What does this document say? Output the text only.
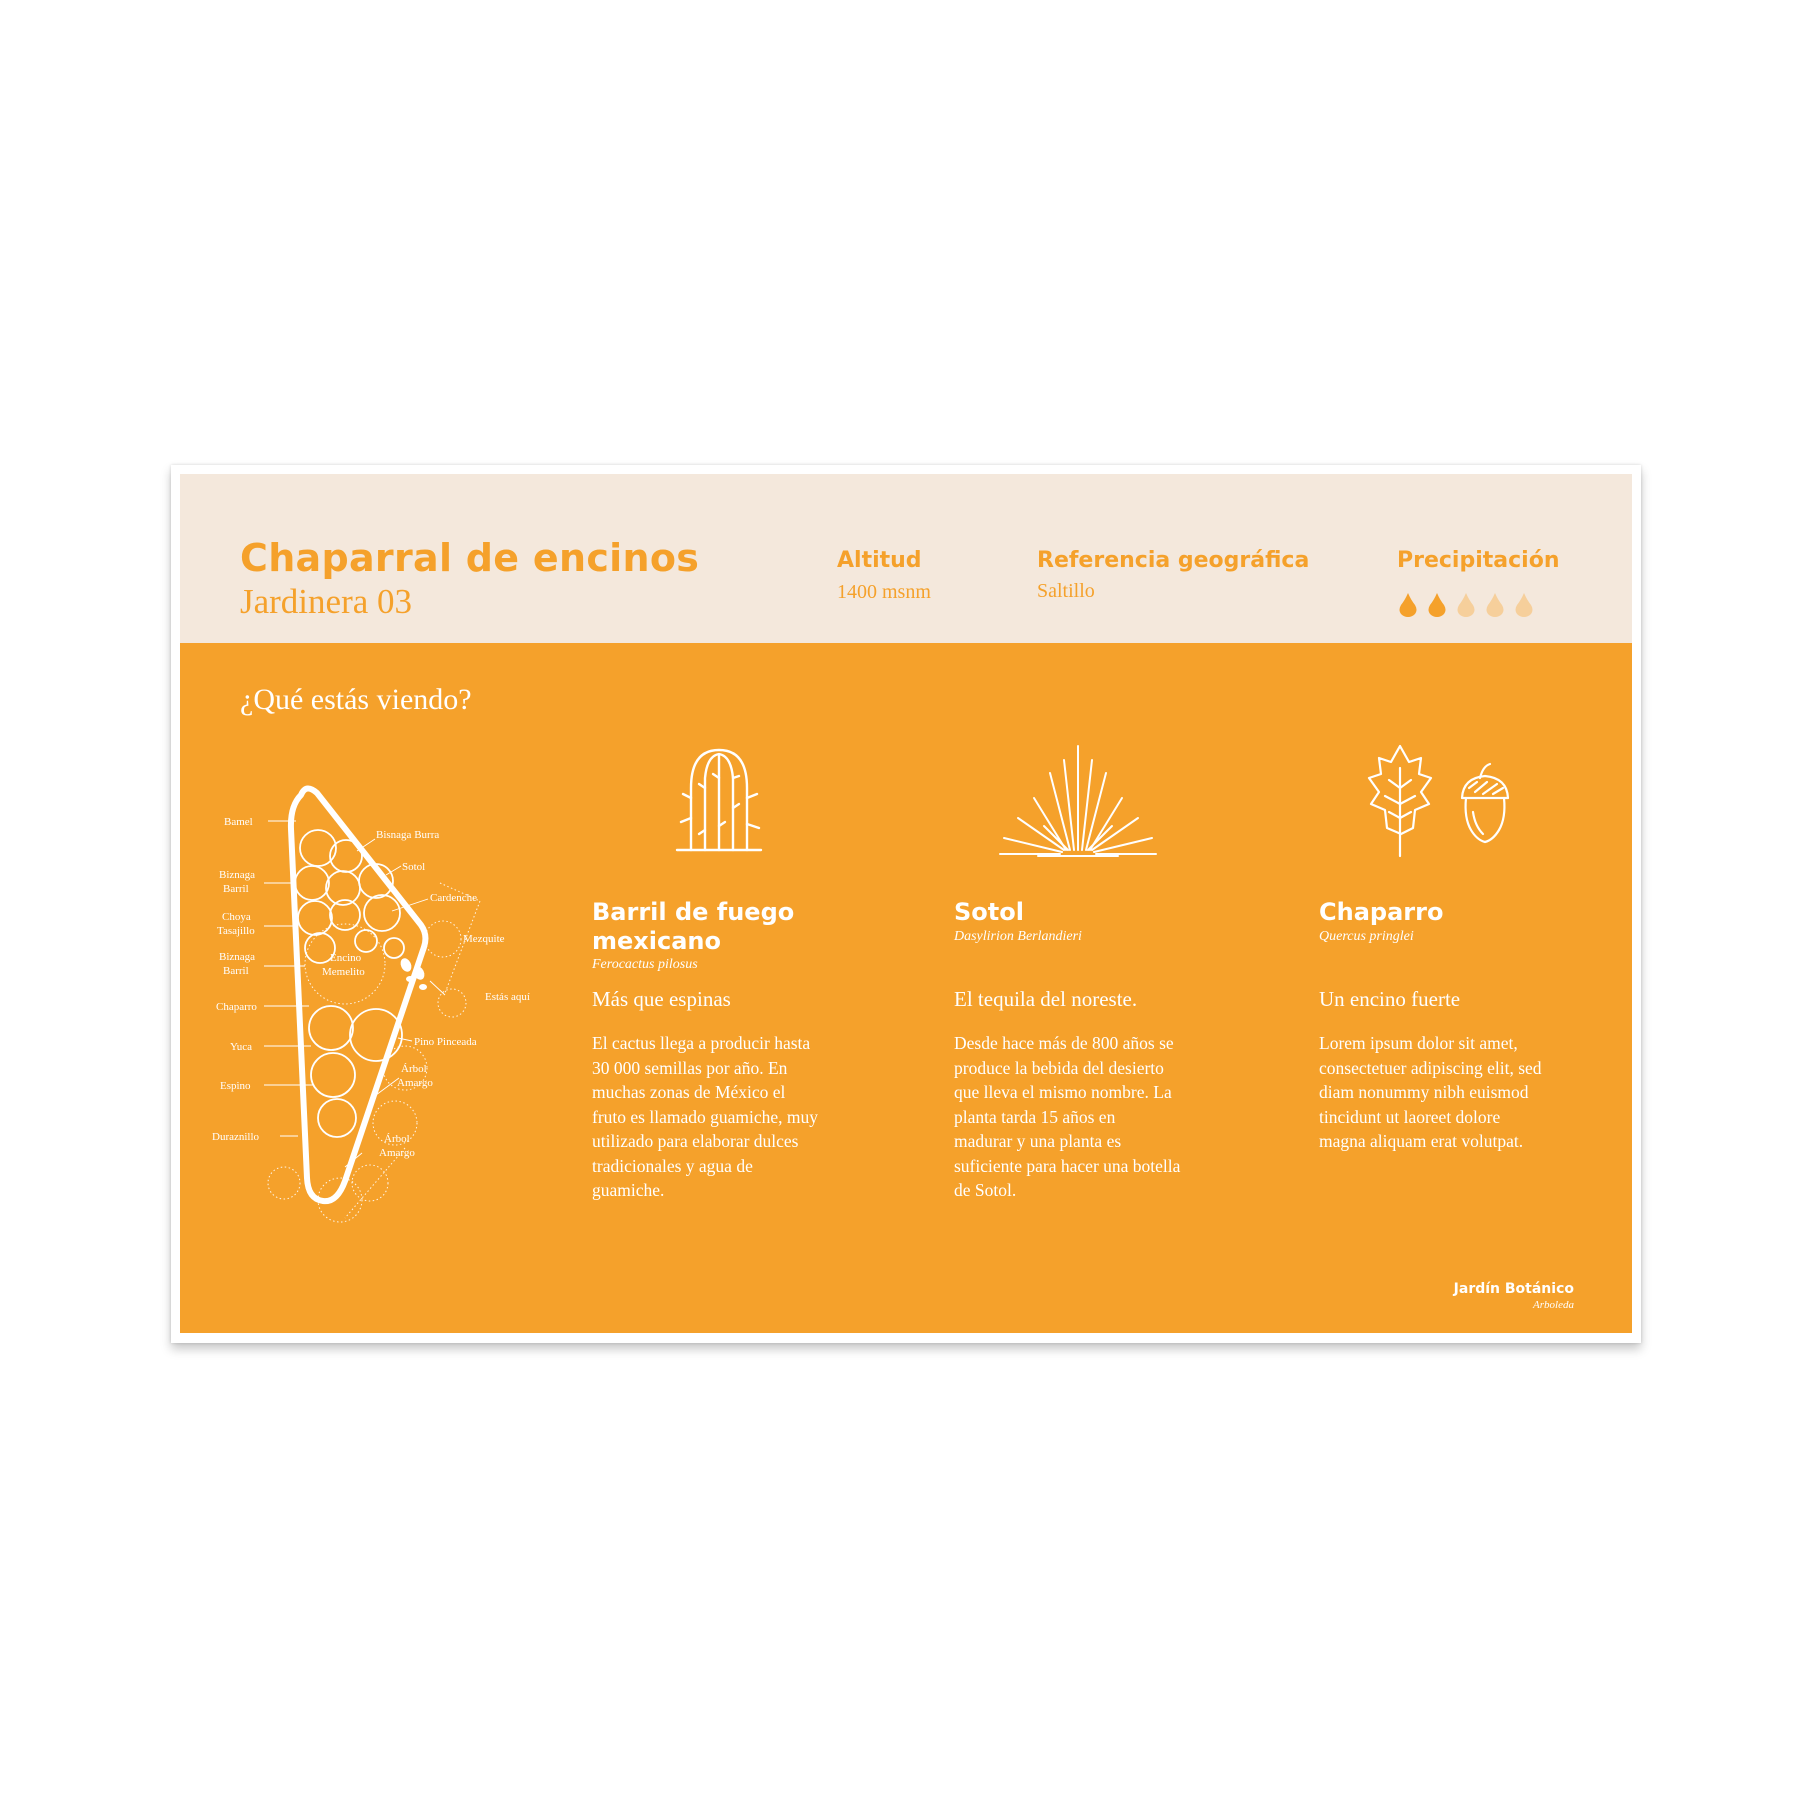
Chaparral de encinos
Jardinera 03
Altitud
1400 msnm
Referencia geográfica
Saltillo
Precipitación
¿Qué estás viendo?
Bamel
Bisnaga Burra
Biznaga
Barril
Sotol
Cardenche
Choya
Tasajillo
Mezquite
Encino
Memelito
Biznaga
Barril
Estás aquí
Chaparro
Pino Pinceada
Yuca
Árbol
Amargo
Espino
Duraznillo	Árbol
Amargo
Barril de fuego mexicano
Ferocactus pilosus
Más que espinas

El cactus llega a producir hasta
30 000 semillas por año. En
muchas zonas de México el
fruto es llamado guamiche, muy
utilizado para elaborar dulces
tradicionales y agua de
guamiche.

Sotol
Dasylirion Berlandieri
El tequila del noreste.

Desde hace más de 800 años se
produce la bebida del desierto
que lleva el mismo nombre. La
planta tarda 15 años en
madurar y una planta es
suficiente para hacer una botella
de Sotol.

Chaparro
Quercus pringlei
Un encino fuerte

Lorem ipsum dolor sit amet,
consectetuer adipiscing elit, sed
diam nonummy nibh euismod
tincidunt ut laoreet dolore
magna aliquam erat volutpat.

Jardín Botánico
Arboleda
